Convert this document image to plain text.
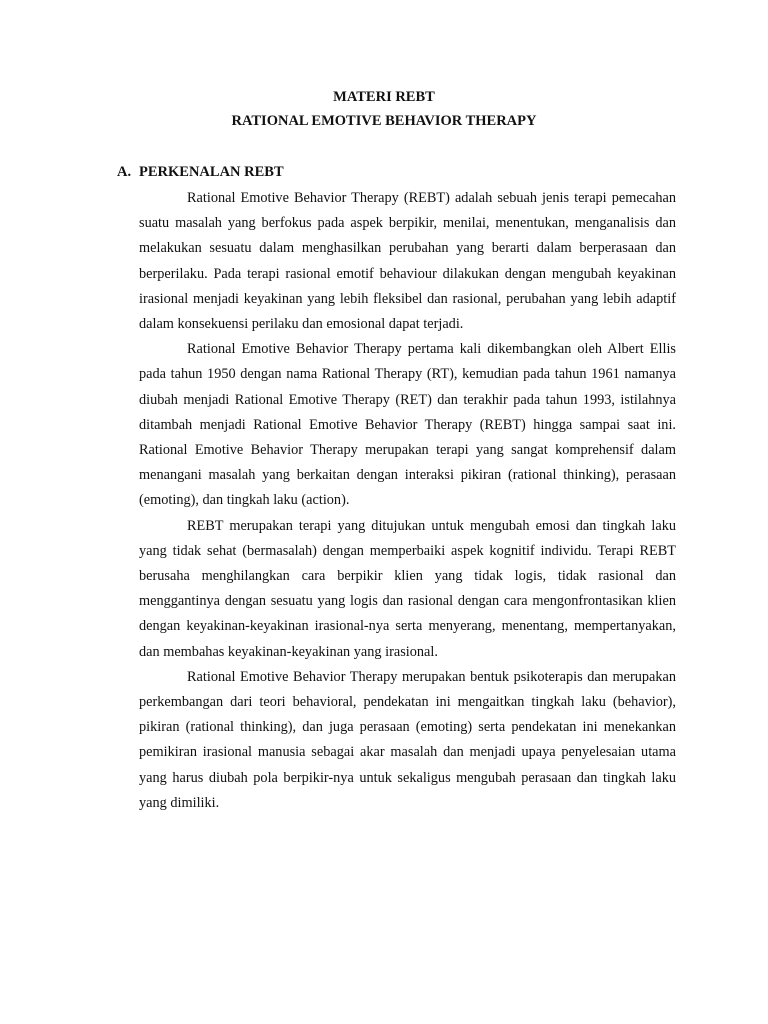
MATERI REBT
RATIONAL EMOTIVE BEHAVIOR THERAPY
A. PERKENALAN REBT

Rational Emotive Behavior Therapy (REBT) adalah sebuah jenis terapi pemecahan suatu masalah yang berfokus pada aspek berpikir, menilai, menentukan, menganalisis dan melakukan sesuatu dalam menghasilkan perubahan yang berarti dalam berperasaan dan berperilaku. Pada terapi rasional emotif behaviour dilakukan dengan mengubah keyakinan irasional menjadi keyakinan yang lebih fleksibel dan rasional, perubahan yang lebih adaptif dalam konsekuensi perilaku dan emosional dapat terjadi.

Rational Emotive Behavior Therapy pertama kali dikembangkan oleh Albert Ellis pada tahun 1950 dengan nama Rational Therapy (RT), kemudian pada tahun 1961 namanya diubah menjadi Rational Emotive Therapy (RET) dan terakhir pada tahun 1993, istilahnya ditambah menjadi Rational Emotive Behavior Therapy (REBT) hingga sampai saat ini. Rational Emotive Behavior Therapy merupakan terapi yang sangat komprehensif dalam menangani masalah yang berkaitan dengan interaksi pikiran (rational thinking), perasaan (emoting), dan tingkah laku (action).

REBT merupakan terapi yang ditujukan untuk mengubah emosi dan tingkah laku yang tidak sehat (bermasalah) dengan memperbaiki aspek kognitif individu. Terapi REBT berusaha menghilangkan cara berpikir klien yang tidak logis, tidak rasional dan menggantinya dengan sesuatu yang logis dan rasional dengan cara mengonfrontasikan klien dengan keyakinan-keyakinan irasional-nya serta menyerang, menentang, mempertanyakan, dan membahas keyakinan-keyakinan yang irasional.

Rational Emotive Behavior Therapy merupakan bentuk psikoterapis dan merupakan perkembangan dari teori behavioral, pendekatan ini mengaitkan tingkah laku (behavior), pikiran (rational thinking), dan juga perasaan (emoting) serta pendekatan ini menekankan pemikiran irasional manusia sebagai akar masalah dan menjadi upaya penyelesaian utama yang harus diubah pola berpikir-nya untuk sekaligus mengubah perasaan dan tingkah laku yang dimiliki.
